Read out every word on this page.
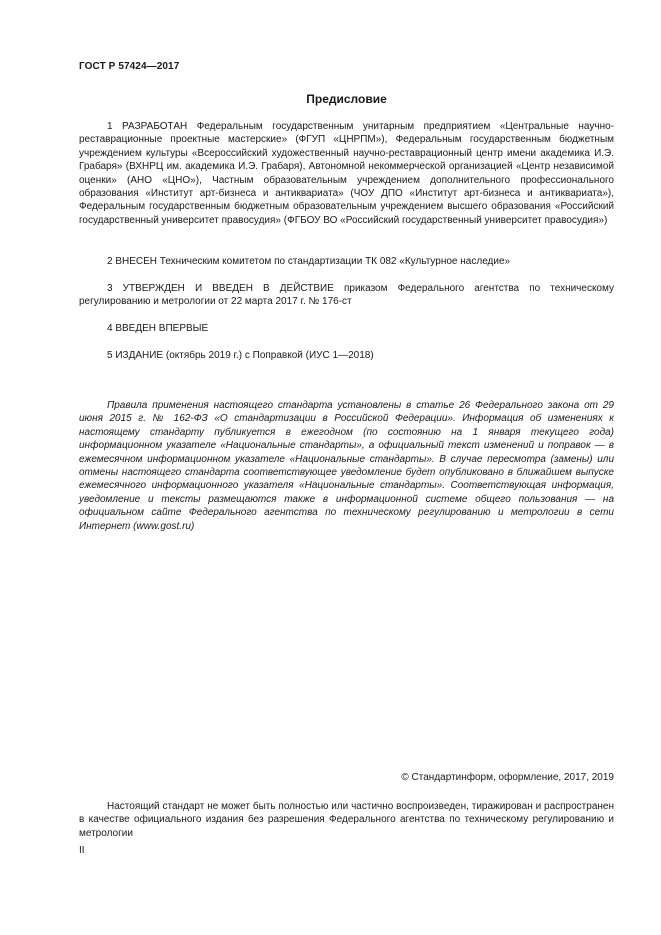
ГОСТ Р 57424—2017
Предисловие

1 РАЗРАБОТАН Федеральным государственным унитарным предприятием «Центральные научно-реставрационные проектные мастерские» (ФГУП «ЦНРПМ»), Федеральным государственным бюджетным учреждением культуры «Всероссийский художественный научно-реставрационный центр имени академика И.Э. Грабаря» (ВХНРЦ им. академика И.Э. Грабаря), Автономной некоммерческой организацией «Центр независимой оценки» (АНО «ЦНО»), Частным образовательным учреждением дополнительного профессионального образования «Институт арт-бизнеса и антиквариата» (ЧОУ ДПО «Институт арт-бизнеса и антиквариата»), Федеральным государственным бюджетным образовательным учреждением высшего образования «Российский государственный университет правосудия» (ФГБОУ ВО «Российский государственный университет правосудия»)

2 ВНЕСЕН Техническим комитетом по стандартизации ТК 082 «Культурное наследие»

3 УТВЕРЖДЕН И ВВЕДЕН В ДЕЙСТВИЕ приказом Федерального агентства по техническому регулированию и метрологии от 22 марта 2017 г. № 176-ст

4 ВВЕДЕН ВПЕРВЫЕ

5 ИЗДАНИЕ (октябрь 2019 г.) с Поправкой (ИУС 1—2018)

Правила применения настоящего стандарта установлены в статье 26 Федерального закона от 29 июня 2015 г. № 162-ФЗ «О стандартизации в Российской Федерации». Информация об изменениях к настоящему стандарту публикуется в ежегодном (по состоянию на 1 января текущего года) информационном указателе «Национальные стандарты», а официальный текст изменений и поправок — в ежемесячном информационном указателе «Национальные стандарты». В случае пересмотра (замены) или отмены настоящего стандарта соответствующее уведомление будет опубликовано в ближайшем выпуске ежемесячного информационного указателя «Национальные стандарты». Соответствующая информация, уведомление и тексты размещаются также в информационной системе общего пользования — на официальном сайте Федерального агентства по техническому регулированию и метрологии в сети Интернет (www.gost.ru)

© Стандартинформ, оформление, 2017, 2019

Настоящий стандарт не может быть полностью или частично воспроизведен, тиражирован и распространен в качестве официального издания без разрешения Федерального агентства по техническому регулированию и метрологии

II
